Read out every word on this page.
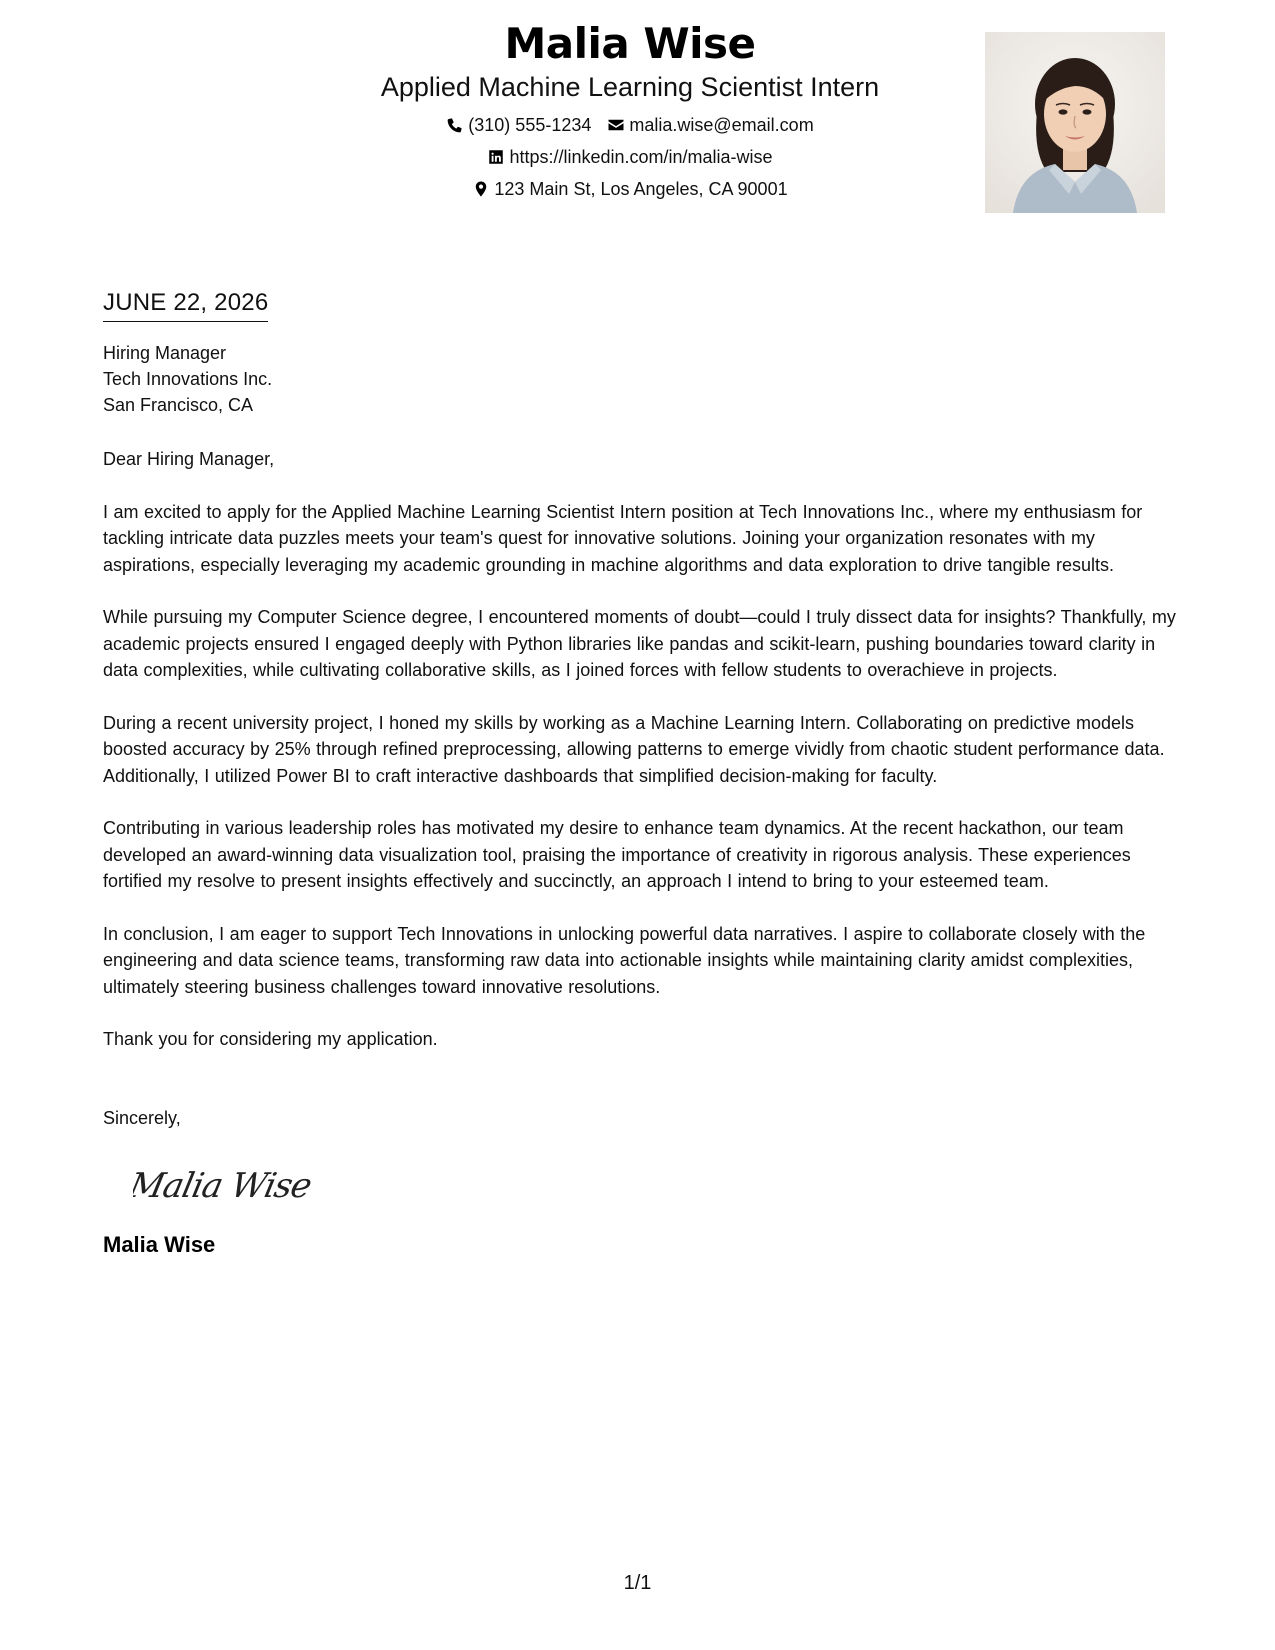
Malia Wise
Applied Machine Learning Scientist Intern
(310) 555-1234 malia.wise@email.com
https://linkedin.com/in/malia-wise
123 Main St, Los Angeles, CA 90001
JUNE 22, 2026
Hiring Manager
Tech Innovations Inc.
San Francisco, CA
Dear Hiring Manager,
I am excited to apply for the Applied Machine Learning Scientist Intern position at Tech Innovations Inc., where my enthusiasm for tackling intricate data puzzles meets your team's quest for innovative solutions. Joining your organization resonates with my aspirations, especially leveraging my academic grounding in machine algorithms and data exploration to drive tangible results.
While pursuing my Computer Science degree, I encountered moments of doubt—could I truly dissect data for insights? Thankfully, my academic projects ensured I engaged deeply with Python libraries like pandas and scikit-learn, pushing boundaries toward clarity in data complexities, while cultivating collaborative skills, as I joined forces with fellow students to overachieve in projects.
During a recent university project, I honed my skills by working as a Machine Learning Intern. Collaborating on predictive models boosted accuracy by 25% through refined preprocessing, allowing patterns to emerge vividly from chaotic student performance data. Additionally, I utilized Power BI to craft interactive dashboards that simplified decision-making for faculty.
Contributing in various leadership roles has motivated my desire to enhance team dynamics. At the recent hackathon, our team developed an award-winning data visualization tool, praising the importance of creativity in rigorous analysis. These experiences fortified my resolve to present insights effectively and succinctly, an approach I intend to bring to your esteemed team.
In conclusion, I am eager to support Tech Innovations in unlocking powerful data narratives. I aspire to collaborate closely with the engineering and data science teams, transforming raw data into actionable insights while maintaining clarity amidst complexities, ultimately steering business challenges toward innovative resolutions.
Thank you for considering my application.
Sincerely,
Malia Wise
Malia Wise
1/1
